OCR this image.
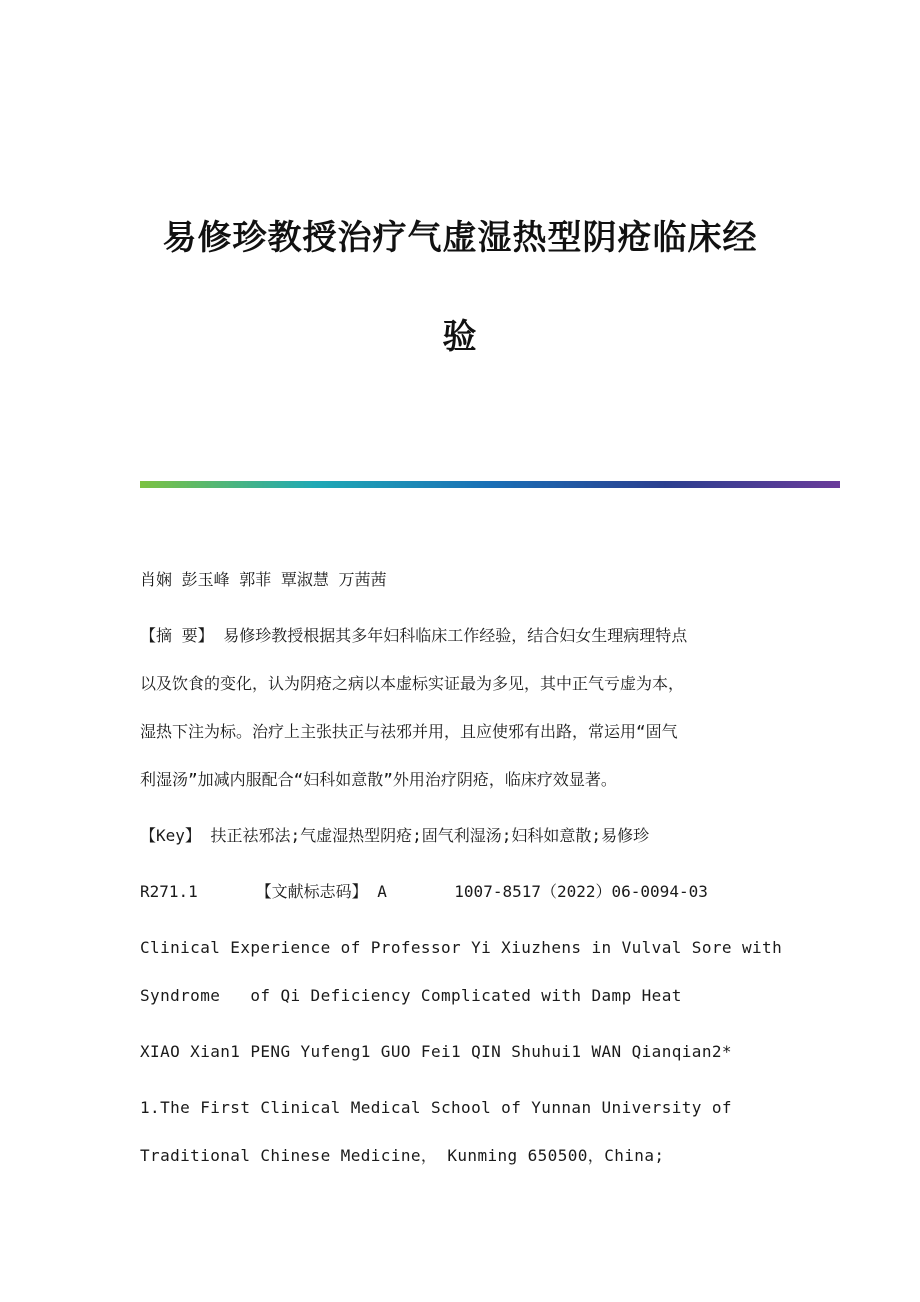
易修珍教授治疗气虚湿热型阴疮临床经
验
肖娴 彭玉峰 郭菲 覃淑慧 万茜茜
【摘 要】 易修珍教授根据其多年妇科临床工作经验，结合妇女生理病理特点
以及饮食的变化，认为阴疮之病以本虚标实证最为多见，其中正气亏虚为本，
湿热下注为标。治疗上主张扶正与祛邪并用，且应使邪有出路，常运用“固气
利湿汤”加减内服配合“妇科如意散”外用治疗阴疮，临床疗效显著。
【Key】 扶正祛邪法;气虚湿热型阴疮;固气利湿汤;妇科如意散;易修珍
R271.1      【文献标志码】 A       1007-8517（2022）06-0094-03
Clinical Experience of Professor Yi Xiuzhens in Vulval Sore with
Syndrome   of Qi Deficiency Complicated with Damp Heat
XIAO Xian1 PENG Yufeng1 GUO Fei1 QIN Shuhui1 WAN Qianqian2*
1.The First Clinical Medical School of Yunnan University of
Traditional Chinese Medicine， Kunming 650500，China;
